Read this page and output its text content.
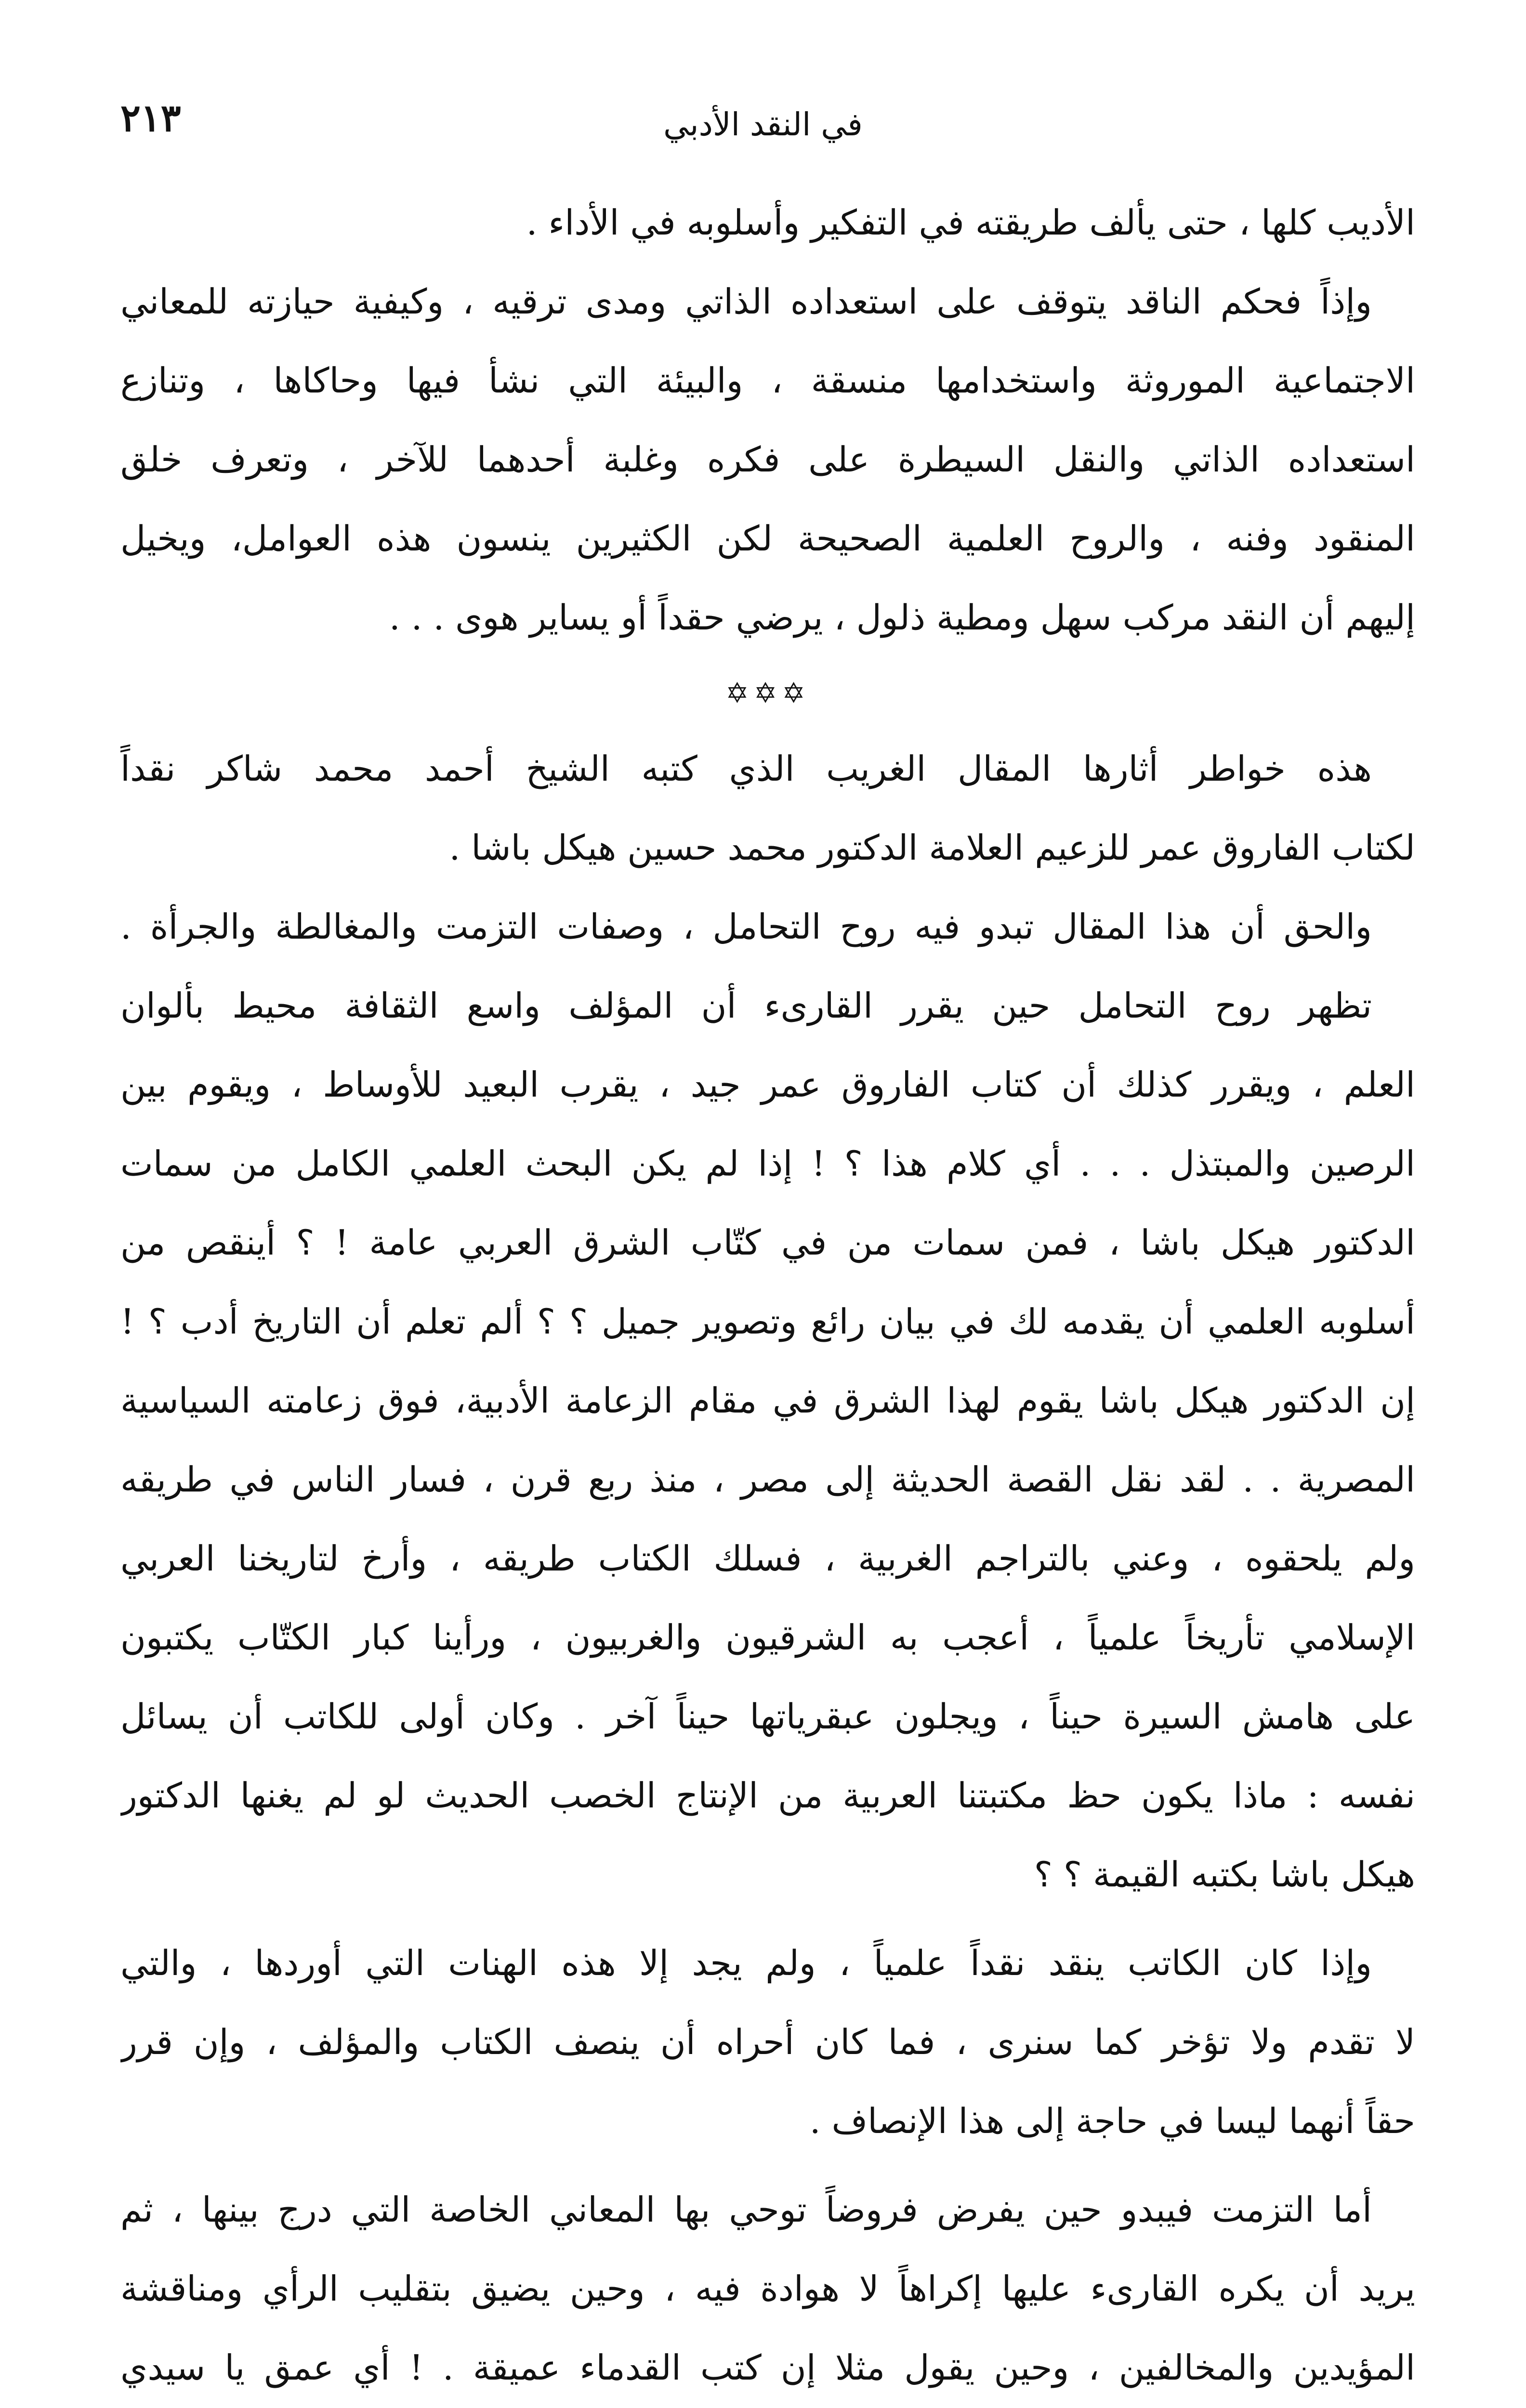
٢١٣	في النقد الأدبي
الأديب كلها ، حتى يألف طريقته في التفكير وأسلوبه في الأداء .
وإذاً فحكم الناقد يتوقف على استعداده الذاتي ومدى ترقيه ، وكيفية حيازته للمعاني
الاجتماعية الموروثة واستخدامها منسقة ، والبيئة التي نشأ فيها وحاكاها ، وتنازع
استعداده الذاتي والنقل السيطرة على فكره وغلبة أحدهما للآخر ، وتعرف خلق
المنقود وفنه ، والروح العلمية الصحيحة لكن الكثيرين ينسون هذه العوامل، ويخيل
إليهم أن النقد مركب سهل ومطية ذلول ، يرضي حقداً أو يساير هوى . . .
✡✡✡
هذه خواطر أثارها المقال الغريب الذي كتبه الشيخ أحمد محمد شاكر نقداً
لكتاب الفاروق عمر للزعيم العلامة الدكتور محمد حسين هيكل باشا .
والحق أن هذا المقال تبدو فيه روح التحامل ، وصفات التزمت والمغالطة والجرأة .
تظهر روح التحامل حين يقرر القارىء أن المؤلف واسع الثقافة محيط بألوان
العلم ، ويقرر كذلك أن كتاب الفاروق عمر جيد ، يقرب البعيد للأوساط ، ويقوم بين
الرصين والمبتذل . . . أي كلام هذا ؟ ! إذا لم يكن البحث العلمي الكامل من سمات
الدكتور هيكل باشا ، فمن سمات من في كتّاب الشرق العربي عامة ! ؟ أينقص من
أسلوبه العلمي أن يقدمه لك في بيان رائع وتصوير جميل ؟ ؟ ألم تعلم أن التاريخ أدب ؟ !
إن الدكتور هيكل باشا يقوم لهذا الشرق في مقام الزعامة الأدبية، فوق زعامته السياسية
المصرية . . لقد نقل القصة الحديثة إلى مصر ، منذ ربع قرن ، فسار الناس في طريقه
ولم يلحقوه ، وعني بالتراجم الغربية ، فسلك الكتاب طريقه ، وأرخ لتاريخنا العربي
الإسلامي تأريخاً علمياً ، أعجب به الشرقيون والغربيون ، ورأينا كبار الكتّاب يكتبون
على هامش السيرة حيناً ، ويجلون عبقرياتها حيناً آخر . وكان أولى للكاتب أن يسائل
نفسه : ماذا يكون حظ مكتبتنا العربية من الإنتاج الخصب الحديث لو لم يغنها الدكتور
هيكل باشا بكتبه القيمة ؟ ؟
وإذا كان الكاتب ينقد نقداً علمياً ، ولم يجد إلا هذه الهنات التي أوردها ، والتي
لا تقدم ولا تؤخر كما سنرى ، فما كان أحراه أن ينصف الكتاب والمؤلف ، وإن قرر
حقاً أنهما ليسا في حاجة إلى هذا الإنصاف .
أما التزمت فيبدو حين يفرض فروضاً توحي بها المعاني الخاصة التي درج بينها ، ثم
يريد أن يكره القارىء عليها إكراهاً لا هوادة فيه ، وحين يضيق بتقليب الرأي ومناقشة
المؤيدين والمخالفين ، وحين يقول مثلا إن كتب القدماء عميقة . ! أي عمق يا سيدي
